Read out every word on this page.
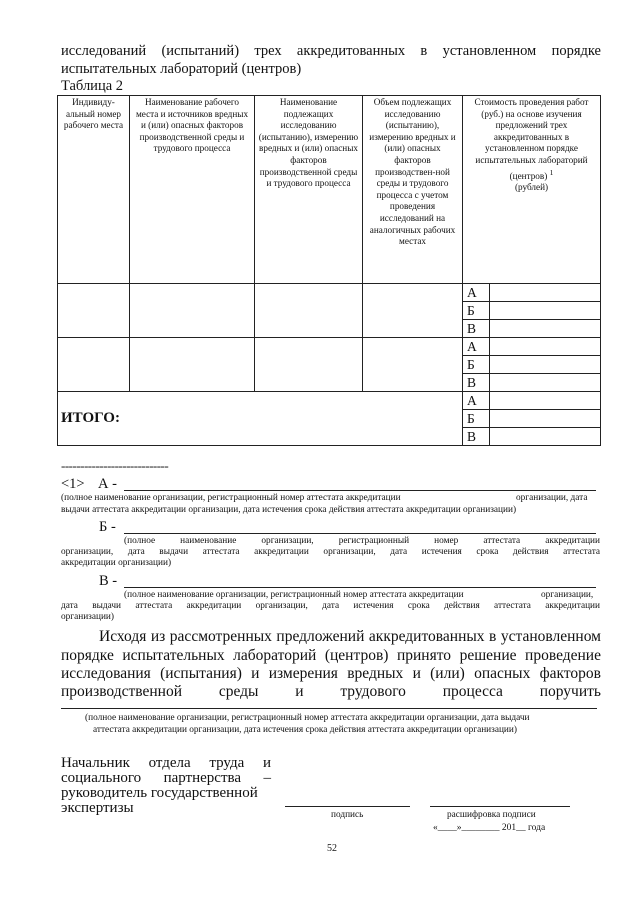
исследований (испытаний) трех аккредитованных в установленном порядке
испытательных лабораторий (центров)
Таблица 2
Индивиду-альный номер рабочего места	Наименование рабочего места и источников вредных и (или) опасных факторов производственной среды и трудового процесса	Наименование подлежащих исследованию (испытанию), измерению вредных и (или) опасных факторов производственной среды и трудового процесса	Объем подлежащих исследованию (испытанию), измерению вредных и (или) опасных факторов производствен-ной среды и трудового процесса с учетом проведения исследований на аналогичных рабочих местах	Стоимость проведения работ (руб.) на основе изучения предложений трех аккредитованных в установленном порядке испытательных лабораторий (центров) $^1$
(рублей)	
				А	
				Б	
				В	
				А	
				Б	
				В	
ИТОГО:				А	
				Б	
				В	
----------------------------
<1> А -
(полное наименование организации, регистрационный номер аттестата аккредитации	организации, дата
выдачи аттестата аккредитации организации, дата истечения срока действия аттестата аккредитации организации)
Б -
(полное наименование организации, регистрационный номер аттестата аккредитации
организации, дата выдачи аттестата аккредитации организации, дата истечения срока действия аттестата
аккредитации организации)
В -
(полное наименование организации, регистрационный номер аттестата аккредитации	организации,
дата выдачи аттестата аккредитации организации, дата истечения срока действия аттестата аккредитации
организации)
Исходя из рассмотренных предложений аккредитованных в установленном
порядке испытательных лабораторий (центров) принято решение проведение
исследования (испытания) и измерения вредных и (или) опасных факторов
производственной среды и трудового процесса поручить
(полное наименование организации, регистрационный номер аттестата аккредитации организации, дата выдачи
аттестата аккредитации организации, дата истечения срока действия аттестата аккредитации организации)
Начальник отдела труда и
социального партнерства –
руководитель государственной
экспертизы	подпись	расшифровка подписи
«____»________ 201__ года
52
